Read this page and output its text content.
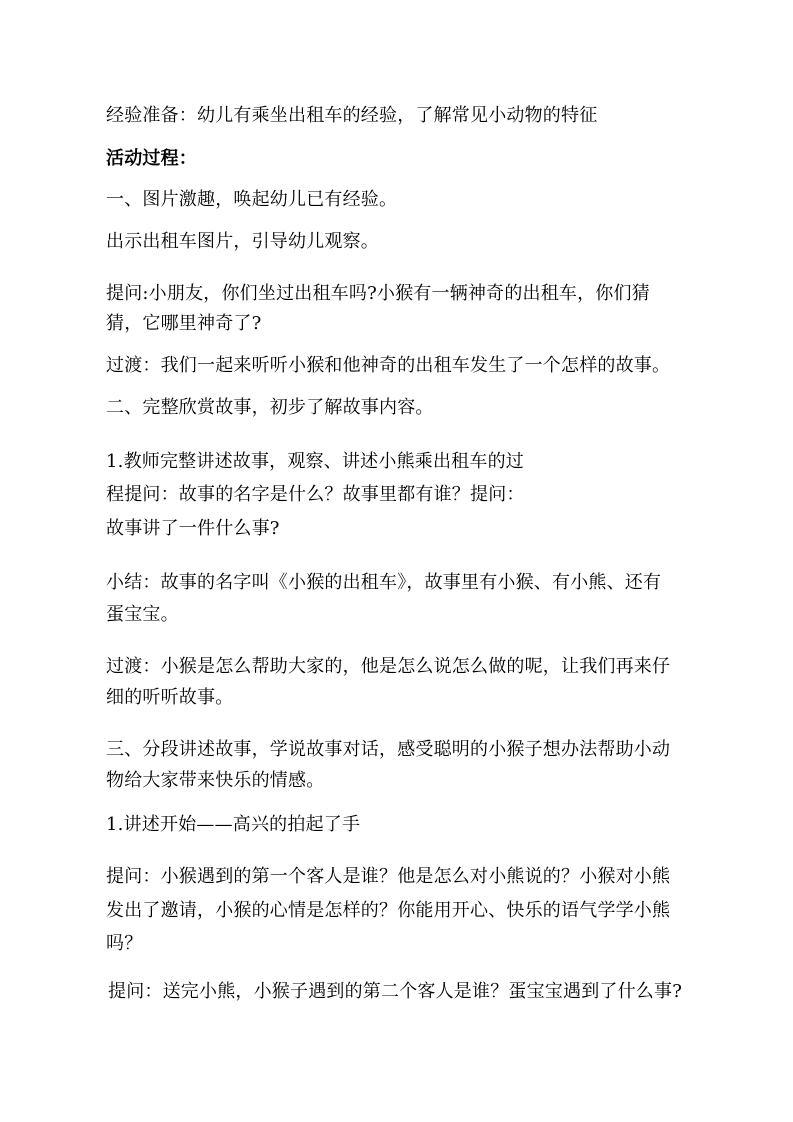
经验准备：幼儿有乘坐出租车的经验，了解常见小动物的特征
活动过程：
一、图片激趣，唤起幼儿已有经验。
出示出租车图片，引导幼儿观察。
提问:小朋友，你们坐过出租车吗?小猴有一辆神奇的出租车，你们猜
猜，它哪里神奇了?
过渡：我们一起来听听小猴和他神奇的出租车发生了一个怎样的故事。
二、完整欣赏故事，初步了解故事内容。
1.教师完整讲述故事，观察、讲述小熊乘出租车的过
程提问：故事的名字是什么？故事里都有谁？提问：
故事讲了一件什么事?
小结：故事的名字叫《小猴的出租车》，故事里有小猴、有小熊、还有
蛋宝宝。
过渡：小猴是怎么帮助大家的，他是怎么说怎么做的呢，让我们再来仔
细的听听故事。
三、分段讲述故事，学说故事对话，感受聪明的小猴子想办法帮助小动
物给大家带来快乐的情感。
1.讲述开始——高兴的拍起了手
提问：小猴遇到的第一个客人是谁？他是怎么对小熊说的？小猴对小熊
发出了邀请，小猴的心情是怎样的？你能用开心、快乐的语气学学小熊
吗？
提问：送完小熊，小猴子遇到的第二个客人是谁？蛋宝宝遇到了什么事?
